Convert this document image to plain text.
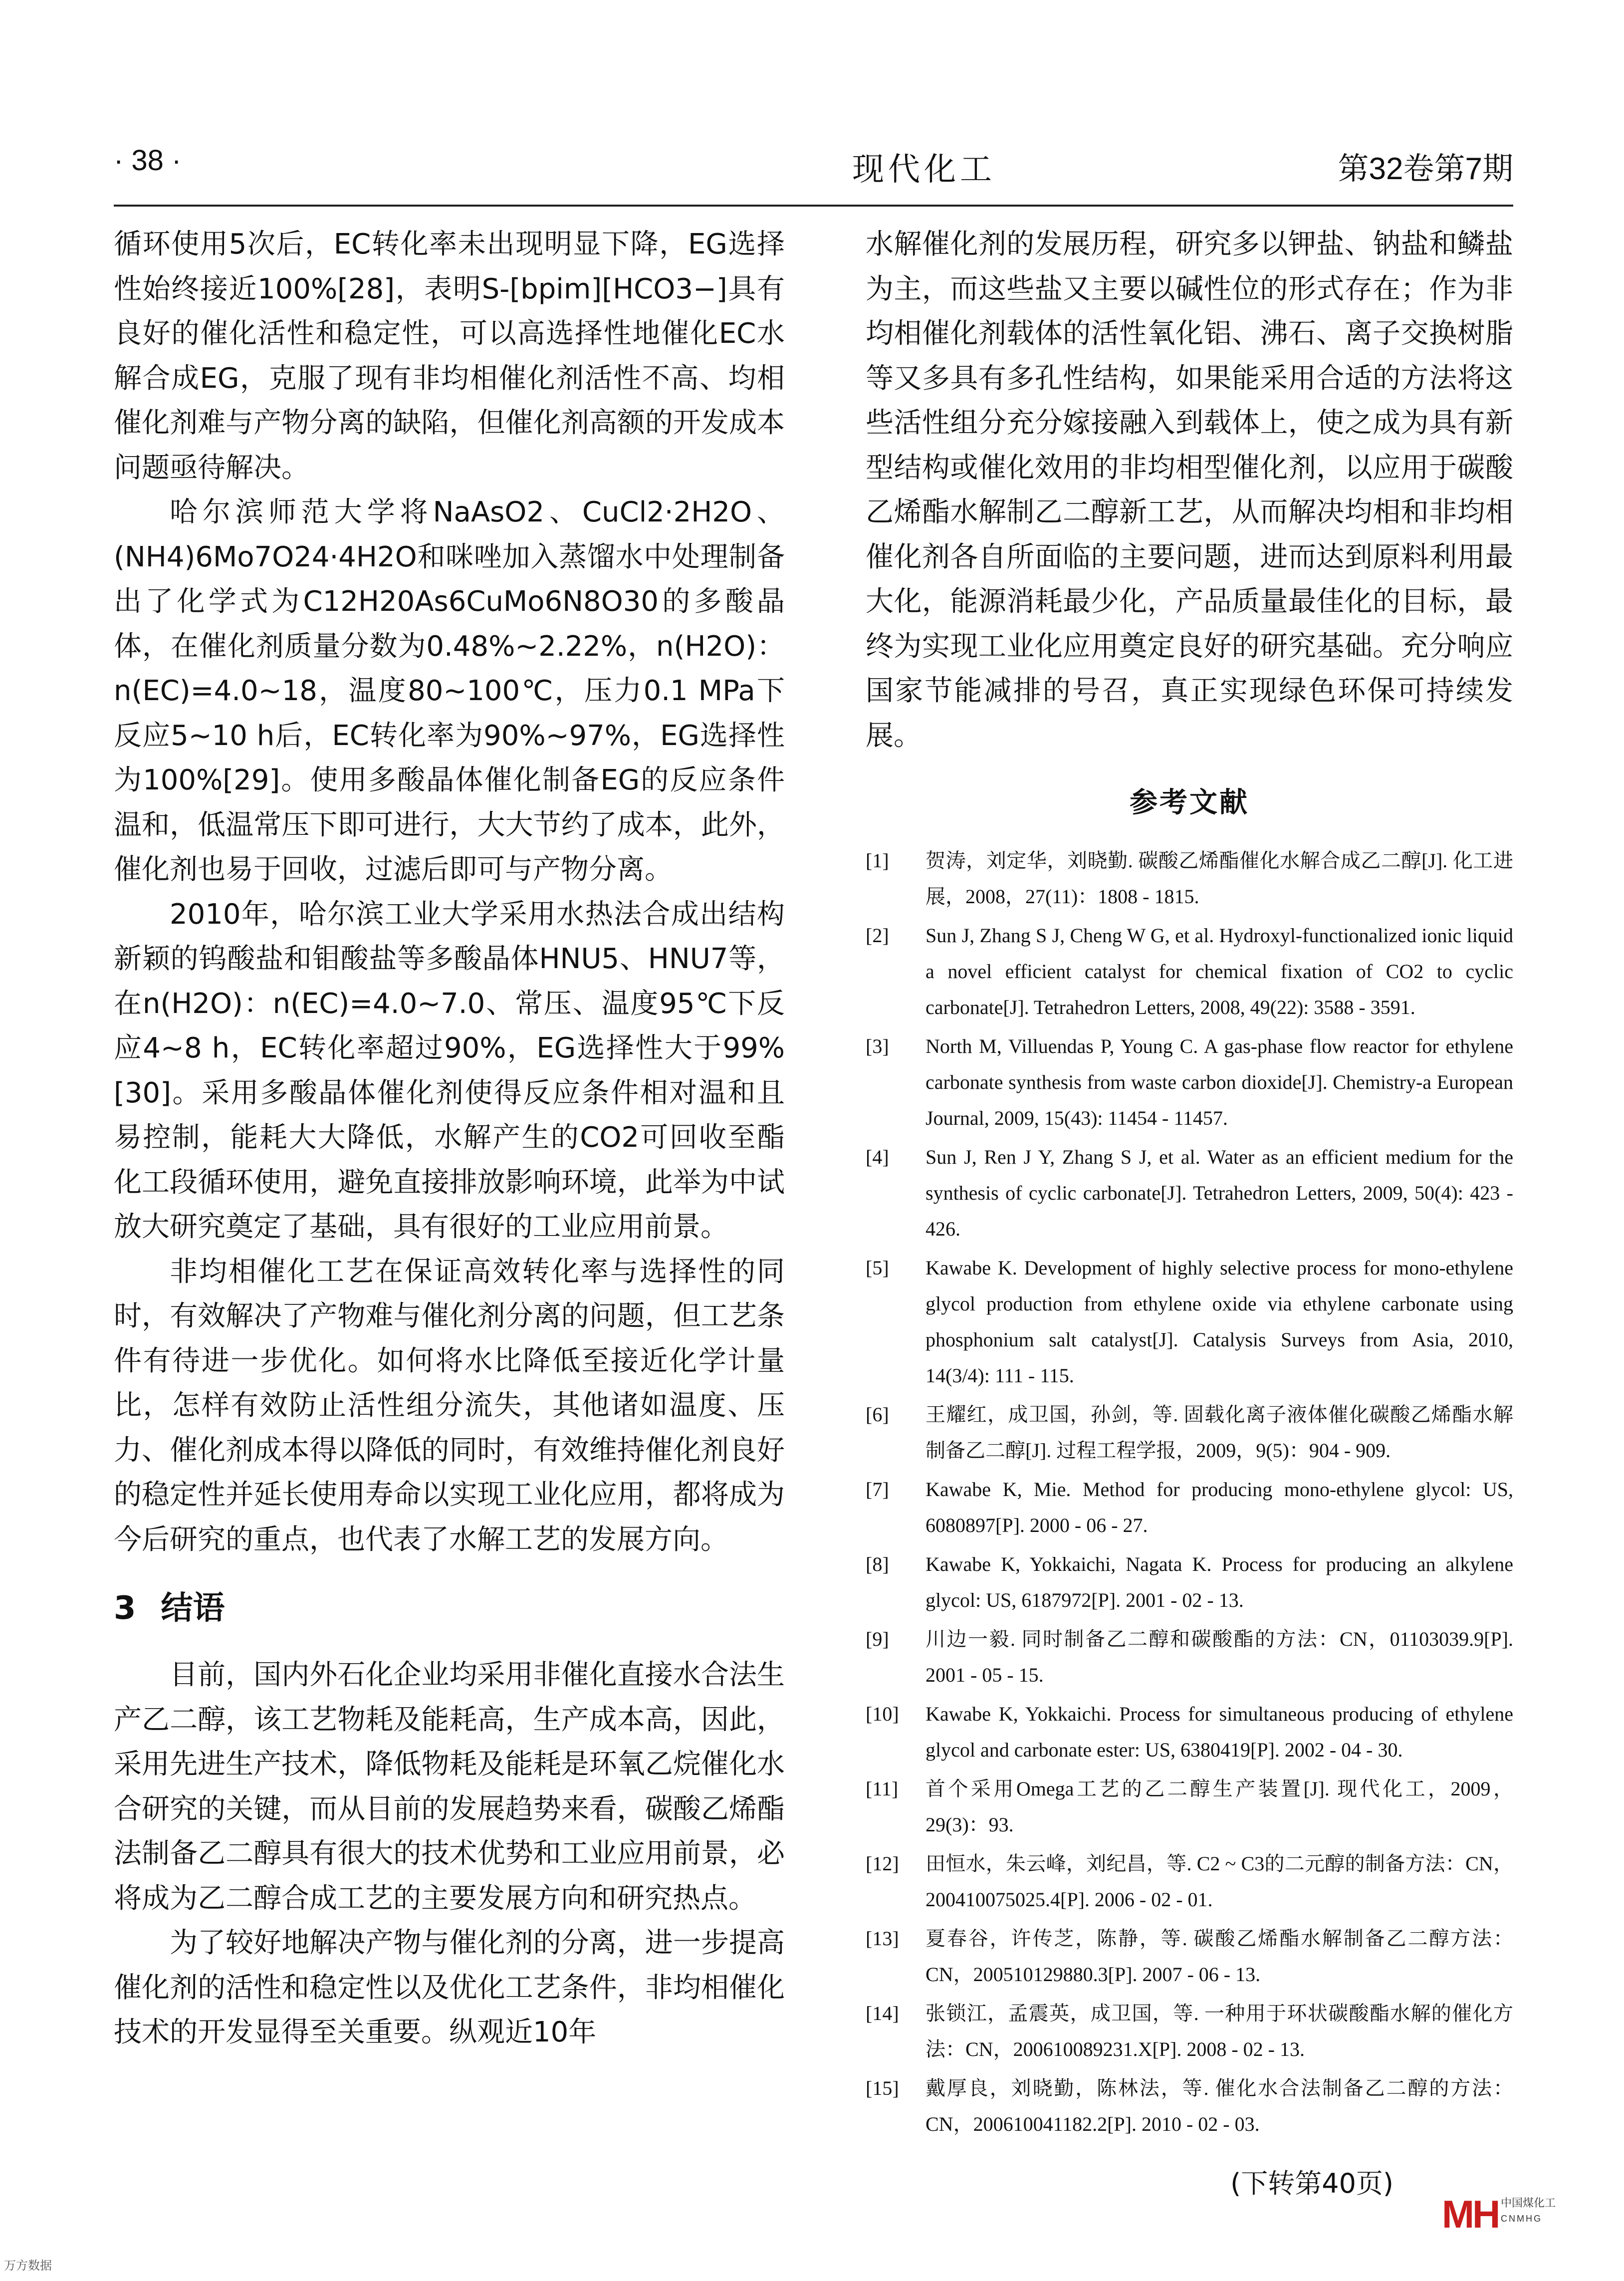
· 38 ·	现代化工	第32卷第7期

循环使用5次后，EC转化率未出现明显下降，EG选择性始终接近100%[28]，表明S-[bpim][HCO3−]具有良好的催化活性和稳定性，可以高选择性地催化EC水解合成EG，克服了现有非均相催化剂活性不高、均相催化剂难与产物分离的缺陷，但催化剂高额的开发成本问题亟待解决。

哈尔滨师范大学将NaAsO2、CuCl2·2H2O、(NH4)6Mo7O24·4H2O和咪唑加入蒸馏水中处理制备出了化学式为C12H20As6CuMo6N8O30的多酸晶体，在催化剂质量分数为0.48%~2.22%，n(H2O)：n(EC)=4.0~18，温度80~100℃，压力0.1 MPa下反应5~10 h后，EC转化率为90%~97%，EG选择性为100%[29]。使用多酸晶体催化制备EG的反应条件温和，低温常压下即可进行，大大节约了成本，此外，催化剂也易于回收，过滤后即可与产物分离。

2010年，哈尔滨工业大学采用水热法合成出结构新颖的钨酸盐和钼酸盐等多酸晶体HNU5、HNU7等，在n(H2O)：n(EC)=4.0~7.0、常压、温度95℃下反应4~8 h，EC转化率超过90%，EG选择性大于99%[30]。采用多酸晶体催化剂使得反应条件相对温和且易控制，能耗大大降低，水解产生的CO2可回收至酯化工段循环使用，避免直接排放影响环境，此举为中试放大研究奠定了基础，具有很好的工业应用前景。

非均相催化工艺在保证高效转化率与选择性的同时，有效解决了产物难与催化剂分离的问题，但工艺条件有待进一步优化。如何将水比降低至接近化学计量比，怎样有效防止活性组分流失，其他诸如温度、压力、催化剂成本得以降低的同时，有效维持催化剂良好的稳定性并延长使用寿命以实现工业化应用，都将成为今后研究的重点，也代表了水解工艺的发展方向。

3 结语

目前，国内外石化企业均采用非催化直接水合法生产乙二醇，该工艺物耗及能耗高，生产成本高，因此，采用先进生产技术，降低物耗及能耗是环氧乙烷催化水合研究的关键，而从目前的发展趋势来看，碳酸乙烯酯法制备乙二醇具有很大的技术优势和工业应用前景，必将成为乙二醇合成工艺的主要发展方向和研究热点。

为了较好地解决产物与催化剂的分离，进一步提高催化剂的活性和稳定性以及优化工艺条件，非均相催化技术的开发显得至关重要。纵观近10年

水解催化剂的发展历程，研究多以钾盐、钠盐和鳞盐为主，而这些盐又主要以碱性位的形式存在；作为非均相催化剂载体的活性氧化铝、沸石、离子交换树脂等又多具有多孔性结构，如果能采用合适的方法将这些活性组分充分嫁接融入到载体上，使之成为具有新型结构或催化效用的非均相型催化剂，以应用于碳酸乙烯酯水解制乙二醇新工艺，从而解决均相和非均相催化剂各自所面临的主要问题，进而达到原料利用最大化，能源消耗最少化，产品质量最佳化的目标，最终为实现工业化应用奠定良好的研究基础。充分响应国家节能减排的号召，真正实现绿色环保可持续发展。

参考文献
[1]	贺涛，刘定华，刘晓勤. 碳酸乙烯酯催化水解合成乙二醇[J]. 化工进展，2008，27(11)：1808 - 1815.
[2]	Sun J, Zhang S J, Cheng W G, et al. Hydroxyl-functionalized ionic liquid a novel efficient catalyst for chemical fixation of CO2 to cyclic carbonate[J]. Tetrahedron Letters, 2008, 49(22): 3588 - 3591.
[3]	North M, Villuendas P, Young C. A gas-phase flow reactor for ethylene carbonate synthesis from waste carbon dioxide[J]. Chemistry-a European Journal, 2009, 15(43): 11454 - 11457.
[4]	Sun J, Ren J Y, Zhang S J, et al. Water as an efficient medium for the synthesis of cyclic carbonate[J]. Tetrahedron Letters, 2009, 50(4): 423 - 426.
[5]	Kawabe K. Development of highly selective process for mono-ethylene glycol production from ethylene oxide via ethylene carbonate using phosphonium salt catalyst[J]. Catalysis Surveys from Asia, 2010, 14(3/4): 111 - 115.
[6]	王耀红，成卫国，孙剑，等. 固载化离子液体催化碳酸乙烯酯水解制备乙二醇[J]. 过程工程学报，2009，9(5)：904 - 909.
[7]	Kawabe K, Mie. Method for producing mono-ethylene glycol: US, 6080897[P]. 2000 - 06 - 27.
[8]	Kawabe K, Yokkaichi, Nagata K. Process for producing an alkylene glycol: US, 6187972[P]. 2001 - 02 - 13.
[9]	川边一毅. 同时制备乙二醇和碳酸酯的方法：CN，01103039.9[P]. 2001 - 05 - 15.
[10]	Kawabe K, Yokkaichi. Process for simultaneous producing of ethylene glycol and carbonate ester: US, 6380419[P]. 2002 - 04 - 30.
[11]	首个采用Omega工艺的乙二醇生产装置[J]. 现代化工，2009，29(3)：93.
[12]	田恒水，朱云峰，刘纪昌，等. C2 ~ C3的二元醇的制备方法：CN，200410075025.4[P]. 2006 - 02 - 01.
[13]	夏春谷，许传芝，陈静，等. 碳酸乙烯酯水解制备乙二醇方法：CN，200510129880.3[P]. 2007 - 06 - 13.
[14]	张锁江，孟震英，成卫国，等. 一种用于环状碳酸酯水解的催化方法：CN，200610089231.X[P]. 2008 - 02 - 13.
[15]	戴厚良，刘晓勤，陈林法，等. 催化水合法制备乙二醇的方法：CN，200610041182.2[P]. 2010 - 02 - 03.
(下转第40页)
万方数据
MH 中国煤化工
CNMHG
